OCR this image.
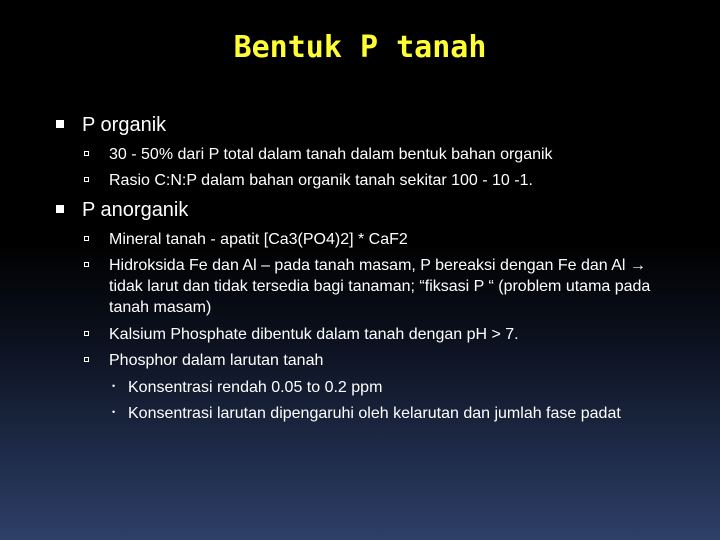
Bentuk P tanah
P organik
30 - 50% dari P total dalam tanah dalam bentuk bahan organik
Rasio C:N:P dalam bahan organik tanah sekitar 100 - 10 -1.
P anorganik
Mineral tanah - apatit [Ca3(PO4)2] * CaF2
Hidroksida Fe dan Al – pada tanah masam, P bereaksi dengan Fe dan Al → tidak larut dan tidak tersedia bagi tanaman; “fiksasi P “ (problem utama pada tanah masam)
Kalsium Phosphate dibentuk dalam tanah dengan pH > 7.
Phosphor dalam larutan tanah
• Konsentrasi rendah 0.05 to 0.2 ppm
• Konsentrasi larutan dipengaruhi oleh kelarutan dan jumlah fase padat
